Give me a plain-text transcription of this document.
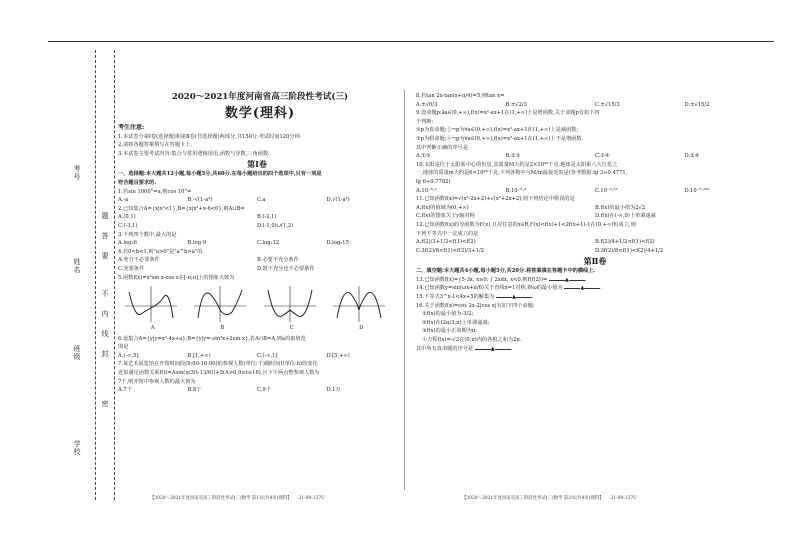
考号
姓名
班级
学校
题
答
要
不
内
线
封
密
2020～2021年度河南省高三阶段性考试(三)
数学(理科)

考生注意:

1.本试卷分第Ⅰ卷(选择题)和第Ⅱ卷(非选择题)两部分,共150分.考试时间120分钟.

2.请将各题答案填写在答题卡上.

3.本试卷主要考试内容:集合与常用逻辑用语,函数与导数,三角函数.

第Ⅰ卷

一、选择题:本大题共12小题,每小题5分,共60分.在每小题给出的四个选项中,只有一项是

符合题目要求的.

1.若sin 1000°=a,则cos 10°=

A.-a	B.-√(1-a²)	C.a	D.√(1-a²)

2.已知集合A={x|x²<1},B={x|x²+x-6<0},则A∪B=

A.(0,1)	B.(-2,1)

C.(-3,1)	D.(-1,0)∪(1,2)

3.下列四个数中,最大的是

A.log₃6	B.log 9	C.log₂12	D.log₅15

4.若0<b<1,则"a>0"是"a^b>a"的

A.充分不必要条件	B.必要不充分条件

C.充要条件	D.既不充分也不必要条件

5.函数f(x)=x²sin x-cos x在[-π,π]上的图象大致为

A	B	C	D

6.设集合A={y|y=x²-4x+a},B={y|y=-sin²x+2sin x},若A∩B=A,则a的取值范

围是

A.(-∞,5]	B.[1,+∞)	C.(-∞,1]	D.[5,+∞)

7.某艺术展览馆在开馆时间段(9:00-16:00)的参观人数(单位:千)随时间t(单位:h)的变化

近似满足函数关系f(t)=Asin(π/3(t-13/6))+5(A>0,9≤t≤16),且下午两点整参观人数为

7千,则开馆中参观人数的最大值为

A.7千	B.8千	C.9千	D.1万

8.若tan 2x-tan(x+π/4)=5,则tan x=

A.±√6/3	B.±√2/3	C.±√15/3	D.±√15/2

9.设命题p:∃a∈(0,+∞),f(x)=x²-ax+1在(1,+∞)上是增函数,关于命题p有如下四

个判断:

①p为真命题;②¬p为∀a∈(0,+∞),f(x)=x²-ax+1在(1,+∞)上是减函数;

③p为假命题;④¬p为∀a∈(0,+∞),f(x)=x²-ax+1在(1,+∞)上不是增函数.

其中判断正确的序号是

A.①③	B.②③	C.①④	D.②④

10.太阳是位于太阳系中心的恒星,其质量M大约是2×10³⁰千克.地球是太阳系八大行星之

一,地球的质量m大约是6×10²⁴千克.下列各数中与M/m最接近的是(参考数据:lg 3≈0.4771,

lg 6≈0.7782)

A.10⁻⁵·⁵	B.10⁻⁵·⁴	C.10⁻⁵·⁵²	D.10⁻⁵·⁵²⁵

11.已知函数f(x)=√(x²-2x+2)+√(x²+2x+2),则下列结论中错误的是

A.f(x)的值域为(0,+∞)	B.f(x)的最小值为2√2

C.f(x)的图象关于y轴对称	D.f(x)在(-∞,0)上单调递减

12.已知函数f(x)的导函数为f'(x),且对任意的x∈R,f'(x)<f(x)+1<2f(x+1)-1在(0,+∞)恒成立,则

下列不等式中一定成立的是

A.f(2)/3+1/2<f(1)<f(2)	B.f(2)/4+1/2<f(1)<f(2)

C.3f(2)/8<f(1)<f(2)/3+1/2	D.3f(2)/8<f(1)<f(2)/4+1/2

第Ⅱ卷

二、填空题:本大题共4小题,每小题5分,共20分.将答案填在答题卡中的横线上.

13.已知函数f(x)={5-3x, x≥0; ∫ 2xdx, x<0,则f(f(2))=	▲	.

14.已知函数y=sin(ωx+π/6)关于直线x=1对称,则ω的最小值为	▲	.

15.不等式3^x-1<4x+5的解集为	▲	.

16.关于函数f(x)=cos 2x-2|cos x|有如下四个命题:

①f(x)的最小值为-3/2;

②f(x)在(2π/3,π)上单调递减;

③f(x)的最小正周期为π;

④方程f(x)=-√2在(0,π)内的各根之和为2π.

其中所有真命题的序号是	▲	.

【2020～2021年度河南省高三阶段性考试(三)数学 第1页(共4页)理科】 ·21-08-137C·	【2020～2021年度河南省高三阶段性考试(三)数学 第2页(共4页)理科】 ·21-08-137C·
